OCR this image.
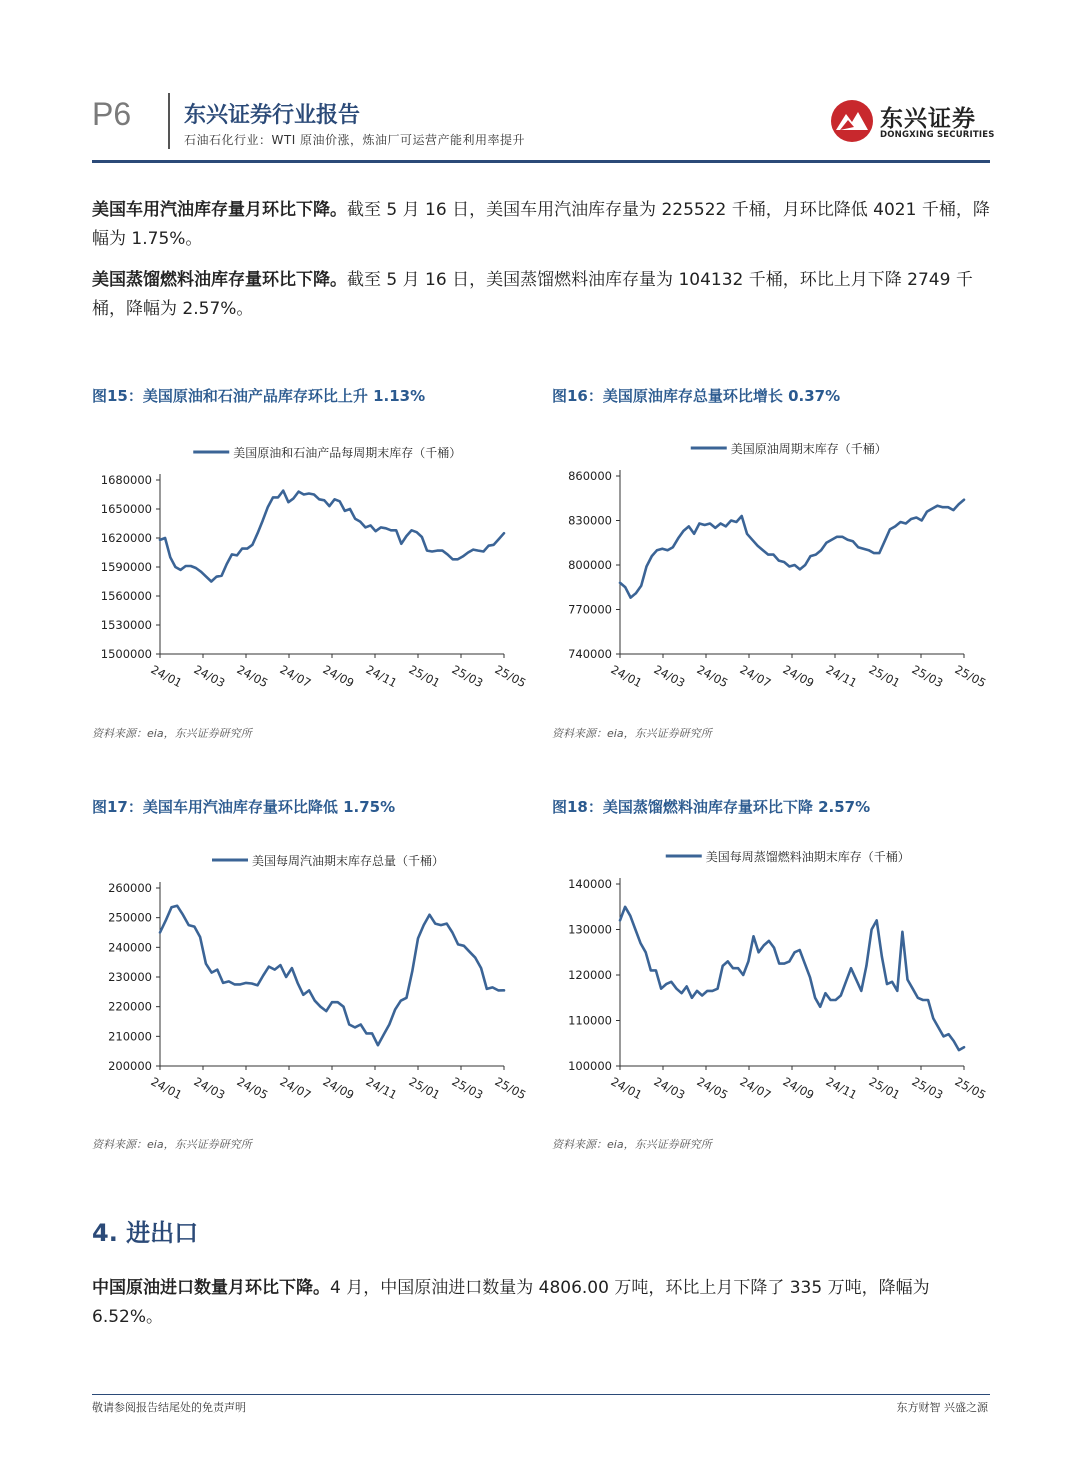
P6 东兴证券行业报告
石油石化行业：WTI 原油价涨，炼油厂可运营产能利用率提升
东兴证券
DONGXING SECURITIES
美国车用汽油库存量月环比下降。截至 5 月 16 日，美国车用汽油库存量为 225522 千桶，月环比降低 4021 千桶，降幅为 1.75%。
美国蒸馏燃料油库存量环比下降。截至 5 月 16 日，美国蒸馏燃料油库存量为 104132 千桶，环比上月下降 2749 千桶，降幅为 2.57%。
图15：美国原油和石油产品库存环比上升 1.13%	图16：美国原油库存总量环比增长 0.37%
美国原油和石油产品每周期末库存（千桶）
1500000
1530000
1560000
1590000
1620000
1650000
1680000
24/01 24/03 24/05 24/07 24/09 24/11 25/01 25/03 25/05
美国原油周期末库存（千桶）
740000
770000
800000
830000
860000
24/01 24/03 24/05 24/07 24/09 24/11 25/01 25/03 25/05
资料来源：eia，东兴证券研究所	资料来源：eia，东兴证券研究所
图17：美国车用汽油库存量环比降低 1.75%	图18：美国蒸馏燃料油库存量环比下降 2.57%
美国每周汽油期末库存总量（千桶）
200000
210000
220000
230000
240000
250000
260000
24/01 24/03 24/05 24/07 24/09 24/11 25/01 25/03 25/05
美国每周蒸馏燃料油期末库存（千桶）
100000
110000
120000
130000
140000
24/01 24/03 24/05 24/07 24/09 24/11 25/01 25/03 25/05
资料来源：eia，东兴证券研究所	资料来源：eia，东兴证券研究所
4. 进出口
中国原油进口数量月环比下降。4 月，中国原油进口数量为 4806.00 万吨，环比上月下降了 335 万吨，降幅为 6.52%。
敬请参阅报告结尾处的免责声明	东方财智 兴盛之源
